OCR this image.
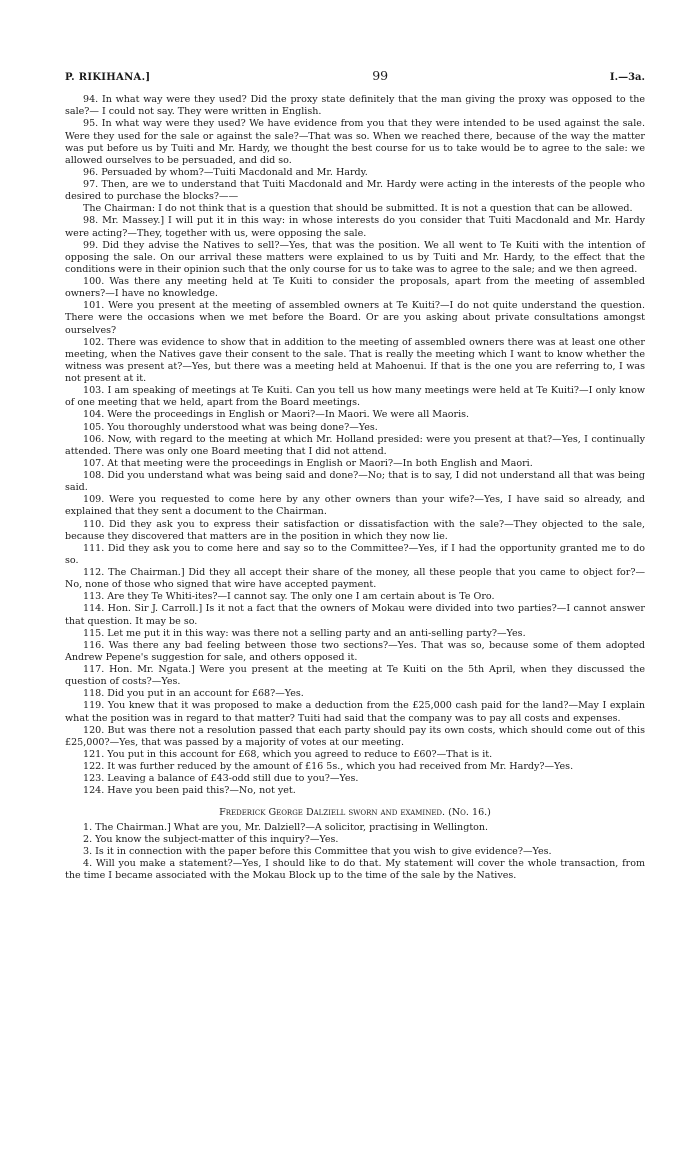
P. RIKIHANA.]	99	I.—3a.

94. In what way were they used? Did the proxy state definitely that the man giving the proxy was opposed to the sale?— I could not say. They were written in English.

95. In what way were they used? We have evidence from you that they were intended to be used against the sale. Were they used for the sale or against the sale?—That was so. When we reached there, because of the way the matter was put before us by Tuiti and Mr. Hardy, we thought the best course for us to take would be to agree to the sale: we allowed ourselves to be persuaded, and did so.

96. Persuaded by whom?—Tuiti Macdonald and Mr. Hardy.

97. Then, are we to understand that Tuiti Macdonald and Mr. Hardy were acting in the interests of the people who desired to purchase the blocks?——

The Chairman: I do not think that is a question that should be submitted. It is not a question that can be allowed.

98. Mr. Massey.] I will put it in this way: in whose interests do you consider that Tuiti Macdonald and Mr. Hardy were acting?—They, together with us, were opposing the sale.

99. Did they advise the Natives to sell?—Yes, that was the position. We all went to Te Kuiti with the intention of opposing the sale. On our arrival these matters were explained to us by Tuiti and Mr. Hardy, to the effect that the conditions were in their opinion such that the only course for us to take was to agree to the sale; and we then agreed.

100. Was there any meeting held at Te Kuiti to consider the proposals, apart from the meeting of assembled owners?—I have no knowledge.

101. Were you present at the meeting of assembled owners at Te Kuiti?—I do not quite understand the question. There were the occasions when we met before the Board. Or are you asking about private consultations amongst ourselves?

102. There was evidence to show that in addition to the meeting of assembled owners there was at least one other meeting, when the Natives gave their consent to the sale. That is really the meeting which I want to know whether the witness was present at?—Yes, but there was a meeting held at Mahoenui. If that is the one you are referring to, I was not present at it.

103. I am speaking of meetings at Te Kuiti. Can you tell us how many meetings were held at Te Kuiti?—I only know of one meeting that we held, apart from the Board meetings.

104. Were the proceedings in English or Maori?—In Maori. We were all Maoris.

105. You thoroughly understood what was being done?—Yes.

106. Now, with regard to the meeting at which Mr. Holland presided: were you present at that?—Yes, I continually attended. There was only one Board meeting that I did not attend.

107. At that meeting were the proceedings in English or Maori?—In both English and Maori.

108. Did you understand what was being said and done?—No; that is to say, I did not understand all that was being said.

109. Were you requested to come here by any other owners than your wife?—Yes, I have said so already, and explained that they sent a document to the Chairman.

110. Did they ask you to express their satisfaction or dissatisfaction with the sale?—They objected to the sale, because they discovered that matters are in the position in which they now lie.

111. Did they ask you to come here and say so to the Committee?—Yes, if I had the opportunity granted me to do so.

112. The Chairman.] Did they all accept their share of the money, all these people that you came to object for?—No, none of those who signed that wire have accepted payment.

113. Are they Te Whiti-ites?—I cannot say. The only one I am certain about is Te Oro.

114. Hon. Sir J. Carroll.] Is it not a fact that the owners of Mokau were divided into two parties?—I cannot answer that question. It may be so.

115. Let me put it in this way: was there not a selling party and an anti-selling party?—Yes.

116. Was there any bad feeling between those two sections?—Yes. That was so, because some of them adopted Andrew Pepene's suggestion for sale, and others opposed it.

117. Hon. Mr. Ngata.] Were you present at the meeting at Te Kuiti on the 5th April, when they discussed the question of costs?—Yes.

118. Did you put in an account for £68?—Yes.

119. You knew that it was proposed to make a deduction from the £25,000 cash paid for the land?—May I explain what the position was in regard to that matter? Tuiti had said that the company was to pay all costs and expenses.

120. But was there not a resolution passed that each party should pay its own costs, which should come out of this £25,000?—Yes, that was passed by a majority of votes at our meeting.

121. You put in this account for £68, which you agreed to reduce to £60?—That is it.

122. It was further reduced by the amount of £16 5s., which you had received from Mr. Hardy?—Yes.

123. Leaving a balance of £43-odd still due to you?—Yes.

124. Have you been paid this?—No, not yet.

Frederick George Dalziell sworn and examined. (No. 16.)

1. The Chairman.] What are you, Mr. Dalziell?—A solicitor, practising in Wellington.

2. You know the subject-matter of this inquiry?—Yes.

3. Is it in connection with the paper before this Committee that you wish to give evidence?—Yes.

4. Will you make a statement?—Yes, I should like to do that. My statement will cover the whole transaction, from the time I became associated with the Mokau Block up to the time of the sale by the Natives.
